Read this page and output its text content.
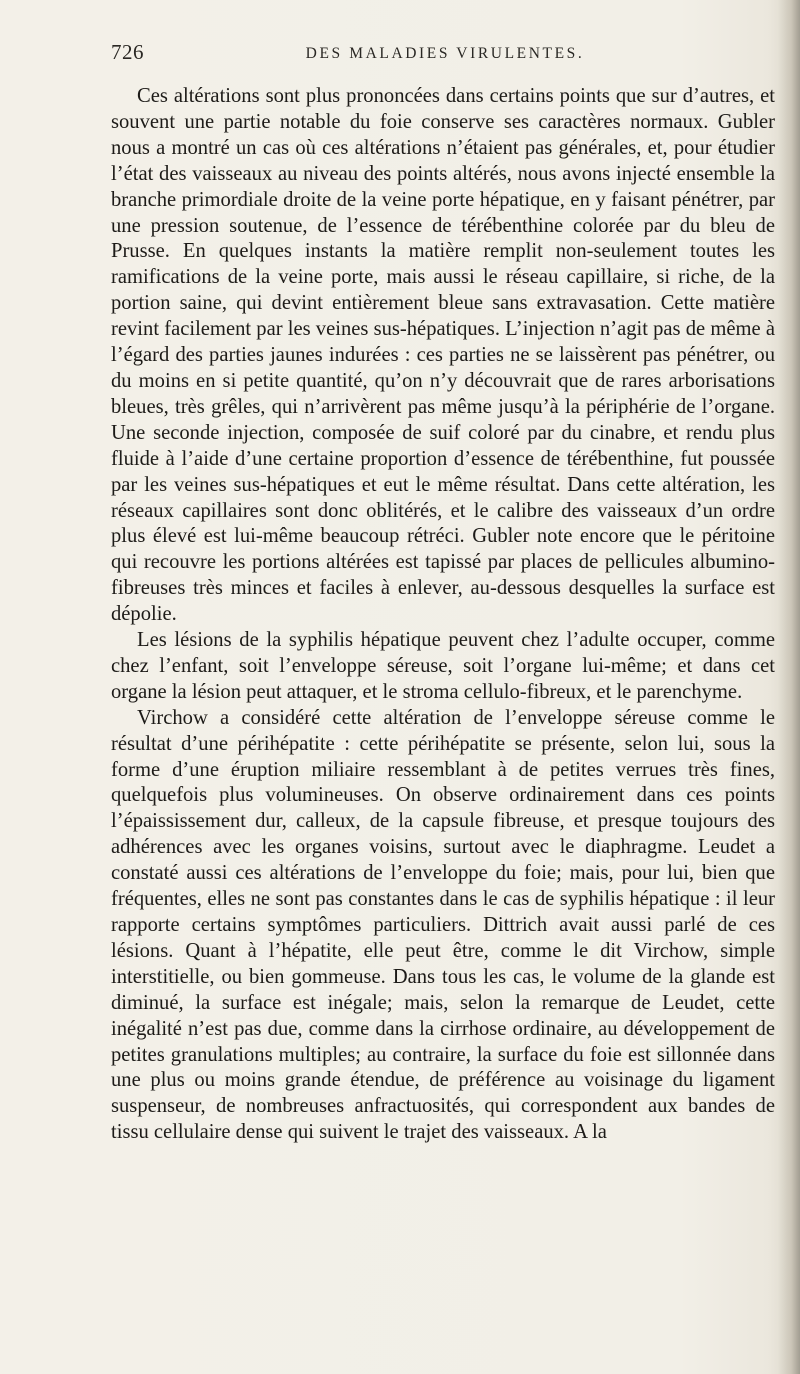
726	DES MALADIES VIRULENTES.

Ces altérations sont plus prononcées dans certains points que sur d’autres, et souvent une partie notable du foie conserve ses caractères normaux. Gubler nous a montré un cas où ces altérations n’étaient pas générales, et, pour étudier l’état des vaisseaux au niveau des points altérés, nous avons injecté ensemble la branche primordiale droite de la veine porte hépatique, en y faisant pénétrer, par une pression soutenue, de l’essence de térébenthine colorée par du bleu de Prusse. En quelques instants la matière remplit non-seulement toutes les ramifications de la veine porte, mais aussi le réseau capillaire, si riche, de la portion saine, qui devint entièrement bleue sans extravasation. Cette matière revint facilement par les veines sus-hépatiques. L’injection n’agit pas de même à l’égard des parties jaunes indurées : ces parties ne se laissèrent pas pénétrer, ou du moins en si petite quantité, qu’on n’y découvrait que de rares arborisations bleues, très grêles, qui n’arrivèrent pas même jusqu’à la périphérie de l’organe. Une seconde injection, composée de suif coloré par du cinabre, et rendu plus fluide à l’aide d’une certaine proportion d’essence de térébenthine, fut poussée par les veines sus-hépatiques et eut le même résultat. Dans cette altération, les réseaux capillaires sont donc oblitérés, et le calibre des vaisseaux d’un ordre plus élevé est lui-même beaucoup rétréci. Gubler note encore que le péritoine qui recouvre les portions altérées est tapissé par places de pellicules albumino-fibreuses très minces et faciles à enlever, au-dessous desquelles la surface est dépolie.

Les lésions de la syphilis hépatique peuvent chez l’adulte occuper, comme chez l’enfant, soit l’enveloppe séreuse, soit l’organe lui-même; et dans cet organe la lésion peut attaquer, et le stroma cellulo-fibreux, et le parenchyme.

Virchow a considéré cette altération de l’enveloppe séreuse comme le résultat d’une périhépatite : cette périhépatite se présente, selon lui, sous la forme d’une éruption miliaire ressemblant à de petites verrues très fines, quelquefois plus volumineuses. On observe ordinairement dans ces points l’épaississement dur, calleux, de la capsule fibreuse, et presque toujours des adhérences avec les organes voisins, surtout avec le diaphragme. Leudet a constaté aussi ces altérations de l’enveloppe du foie; mais, pour lui, bien que fréquentes, elles ne sont pas constantes dans le cas de syphilis hépatique : il leur rapporte certains symptômes particuliers. Dittrich avait aussi parlé de ces lésions. Quant à l’hépatite, elle peut être, comme le dit Virchow, simple interstitielle, ou bien gommeuse. Dans tous les cas, le volume de la glande est diminué, la surface est inégale; mais, selon la remarque de Leudet, cette inégalité n’est pas due, comme dans la cirrhose ordinaire, au développement de petites granulations multiples; au contraire, la surface du foie est sillonnée dans une plus ou moins grande étendue, de préférence au voisinage du ligament suspenseur, de nombreuses anfractuosités, qui correspondent aux bandes de tissu cellulaire dense qui suivent le trajet des vaisseaux. A la
